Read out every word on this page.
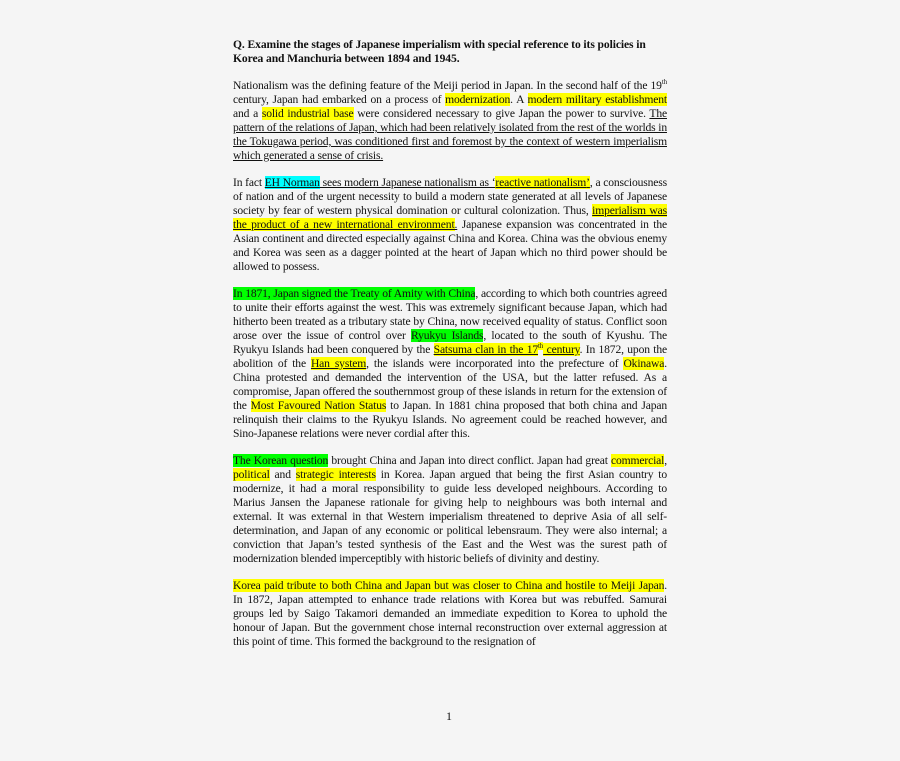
Q. Examine the stages of Japanese imperialism with special reference to its policies in Korea and Manchuria between 1894 and 1945.

Nationalism was the defining feature of the Meiji period in Japan. In the second half of the 19th century, Japan had embarked on a process of modernization. A modern military establishment and a solid industrial base were considered necessary to give Japan the power to survive. The pattern of the relations of Japan, which had been relatively isolated from the rest of the worlds in the Tokugawa period, was conditioned first and foremost by the context of western imperialism which generated a sense of crisis.

In fact EH Norman sees modern Japanese nationalism as ‘reactive nationalism’, a consciousness of nation and of the urgent necessity to build a modern state generated at all levels of Japanese society by fear of western physical domination or cultural colonization. Thus, imperialism was the product of a new international environment. Japanese expansion was concentrated in the Asian continent and directed especially against China and Korea. China was the obvious enemy and Korea was seen as a dagger pointed at the heart of Japan which no third power should be allowed to possess.

In 1871, Japan signed the Treaty of Amity with China, according to which both countries agreed to unite their efforts against the west. This was extremely significant because Japan, which had hitherto been treated as a tributary state by China, now received equality of status. Conflict soon arose over the issue of control over Ryukyu Islands, located to the south of Kyushu. The Ryukyu Islands had been conquered by the Satsuma clan in the 17th century. In 1872, upon the abolition of the Han system, the islands were incorporated into the prefecture of Okinawa. China protested and demanded the intervention of the USA, but the latter refused. As a compromise, Japan offered the southernmost group of these islands in return for the extension of the Most Favoured Nation Status to Japan. In 1881 china proposed that both china and Japan relinquish their claims to the Ryukyu Islands. No agreement could be reached however, and Sino-Japanese relations were never cordial after this.

The Korean question brought China and Japan into direct conflict. Japan had great commercial, political and strategic interests in Korea. Japan argued that being the first Asian country to modernize, it had a moral responsibility to guide less developed neighbours. According to Marius Jansen the Japanese rationale for giving help to neighbours was both internal and external. It was external in that Western imperialism threatened to deprive Asia of all self-determination, and Japan of any economic or political lebensraum. They were also internal; a conviction that Japan’s tested synthesis of the East and the West was the surest path of modernization blended imperceptibly with historic beliefs of divinity and destiny.

Korea paid tribute to both China and Japan but was closer to China and hostile to Meiji Japan. In 1872, Japan attempted to enhance trade relations with Korea but was rebuffed. Samurai groups led by Saigo Takamori demanded an immediate expedition to Korea to uphold the honour of Japan. But the government chose internal reconstruction over external aggression at this point of time. This formed the background to the resignation of

1
